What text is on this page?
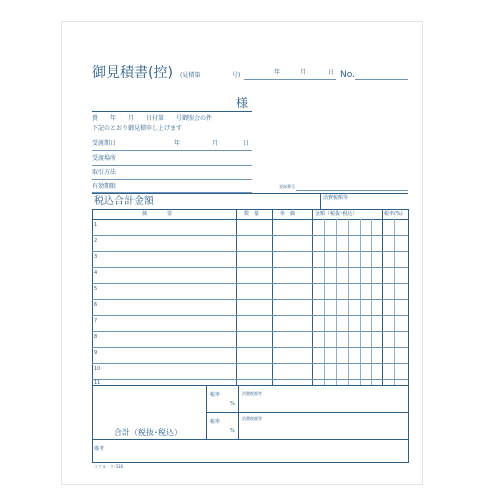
御見積書(控) (見積第	号)	年	月	日 No.
様
貴　　年　　月　　日付第　　号御照会の件
下記のとおり御見積申し上げます
受渡期日	年	月	日
受渡場所
取引方法
有効期限	登録番号
税込合計金額	消費税額等
摘　　　　要	数　量	単　価	金額（税抜･税込）	税率(%)
1
2
3
4
5
6
7
8
9
10
11
合計（税抜･税込）
税率
%
消費税額等
税率
%
消費税額等
備考
コクヨ　ウ-316
